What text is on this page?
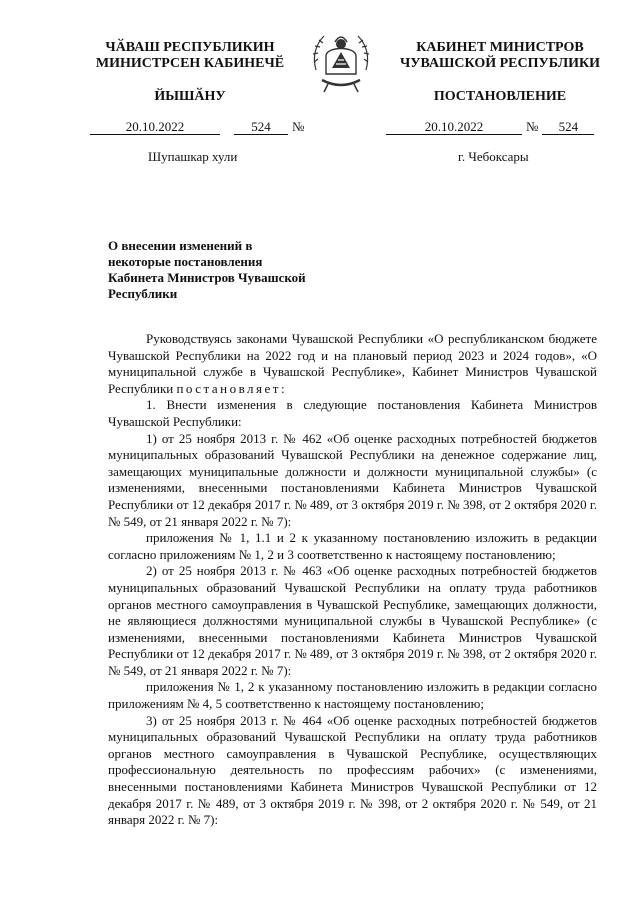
ЧӐВАШ РЕСПУБЛИКИН
МИНИСТРСЕН КАБИНЕЧӖ
КАБИНЕТ МИНИСТРОВ
ЧУВАШСКОЙ РЕСПУБЛИКИ
ЙЫШӐНУ	ПОСТАНОВЛЕНИЕ
20.10.2022	524 №	20.10.2022	№ 524
Шупашкар хули	г. Чебоксары
О внесении изменений в некоторые постановления Кабинета Министров Чувашской Республики

Руководствуясь законами Чувашской Республики «О республиканском бюджете Чувашской Республики на 2022 год и на плановый период 2023 и 2024 годов», «О муниципальной службе в Чувашской Республике», Кабинет Министров Чувашской Республики постановляет:

1. Внести изменения в следующие постановления Кабинета Министров Чувашской Республики:

1) от 25 ноября 2013 г. № 462 «Об оценке расходных потребностей бюджетов муниципальных образований Чувашской Республики на денежное содержание лиц, замещающих муниципальные должности и должности муниципальной службы» (с изменениями, внесенными постановлениями Кабинета Министров Чувашской Республики от 12 декабря 2017 г. № 489, от 3 октября 2019 г. № 398, от 2 октября 2020 г. № 549, от 21 января 2022 г. № 7):

приложения № 1, 1.1 и 2 к указанному постановлению изложить в редакции согласно приложениям № 1, 2 и 3 соответственно к настоящему постановлению;

2) от 25 ноября 2013 г. № 463 «Об оценке расходных потребностей бюджетов муниципальных образований Чувашской Республики на оплату труда работников органов местного самоуправления в Чувашской Республике, замещающих должности, не являющиеся должностями муниципальной службы в Чувашской Республике» (с изменениями, внесенными постановлениями Кабинета Министров Чувашской Республики от 12 декабря 2017 г. № 489, от 3 октября 2019 г. № 398, от 2 октября 2020 г. № 549, от 21 января 2022 г. № 7):

приложения № 1, 2 к указанному постановлению изложить в редакции согласно приложениям № 4, 5 соответственно к настоящему постановлению;

3) от 25 ноября 2013 г. № 464 «Об оценке расходных потребностей бюджетов муниципальных образований Чувашской Республики на оплату труда работников органов местного самоуправления в Чувашской Республике, осуществляющих профессиональную деятельность по профессиям рабочих» (с изменениями, внесенными постановлениями Кабинета Министров Чувашской Республики от 12 декабря 2017 г. № 489, от 3 октября 2019 г. № 398, от 2 октября 2020 г. № 549, от 21 января 2022 г. № 7):
